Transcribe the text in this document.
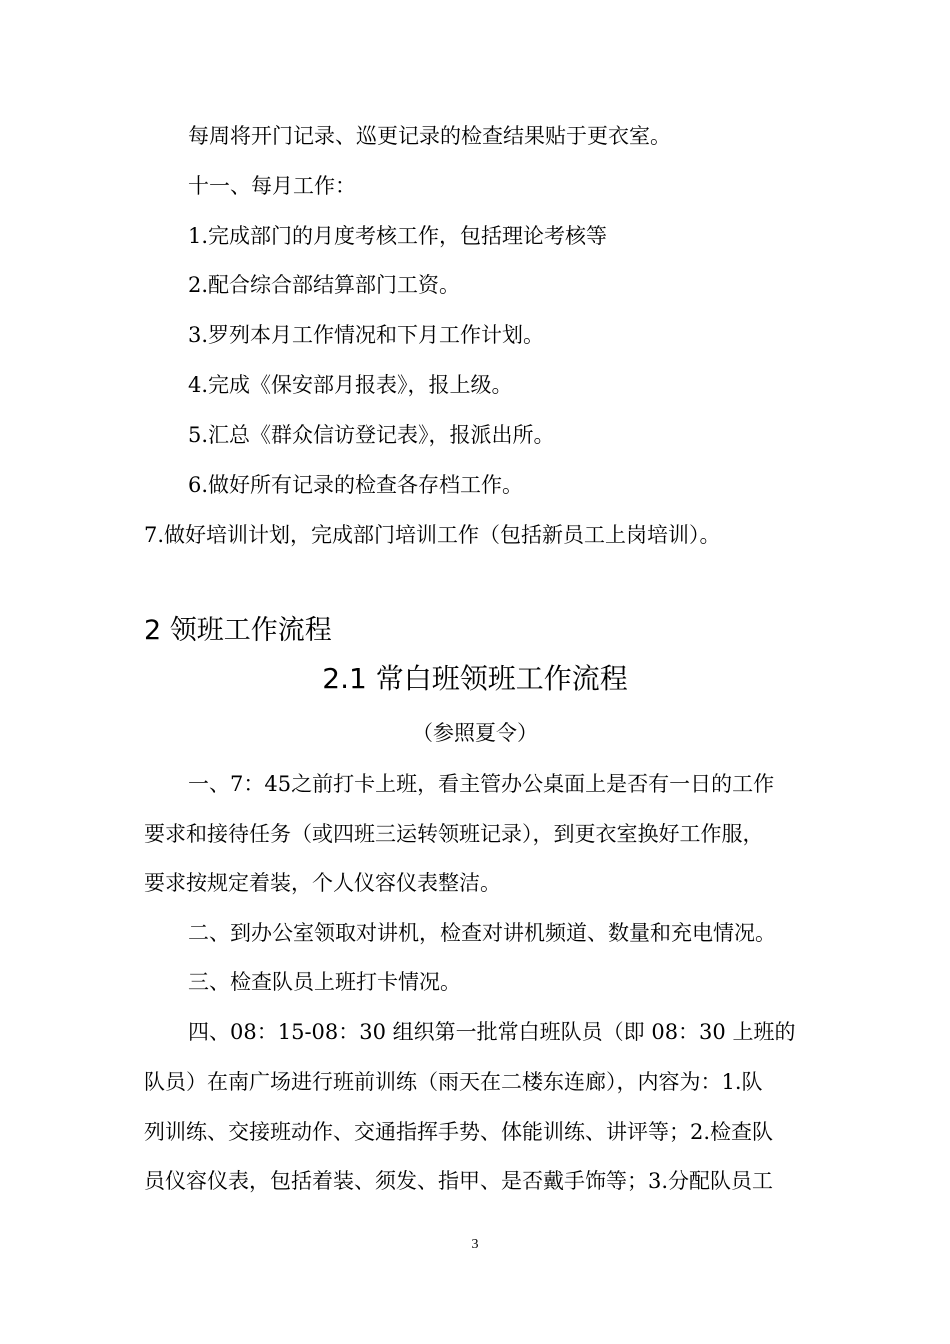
每周将开门记录、巡更记录的检查结果贴于更衣室。

十一、每月工作：

1.完成部门的月度考核工作，包括理论考核等

2.配合综合部结算部门工资。

3.罗列本月工作情况和下月工作计划。

4.完成《保安部月报表》，报上级。

5.汇总《群众信访登记表》，报派出所。

6.做好所有记录的检查各存档工作。

7.做好培训计划，完成部门培训工作（包括新员工上岗培训）。

2 领班工作流程
2.1 常白班领班工作流程

（参照夏令）

一、7：45之前打卡上班，看主管办公桌面上是否有一日的工作

要求和接待任务（或四班三运转领班记录），到更衣室换好工作服，

要求按规定着装，个人仪容仪表整洁。

二、到办公室领取对讲机，检查对讲机频道、数量和充电情况。

三、检查队员上班打卡情况。

四、08：15-08：30 组织第一批常白班队员（即 08：30 上班的

队员）在南广场进行班前训练（雨天在二楼东连廊），内容为：1.队

列训练、交接班动作、交通指挥手势、体能训练、讲评等；2.检查队

员仪容仪表，包括着装、须发、指甲、是否戴手饰等；3.分配队员工

3
